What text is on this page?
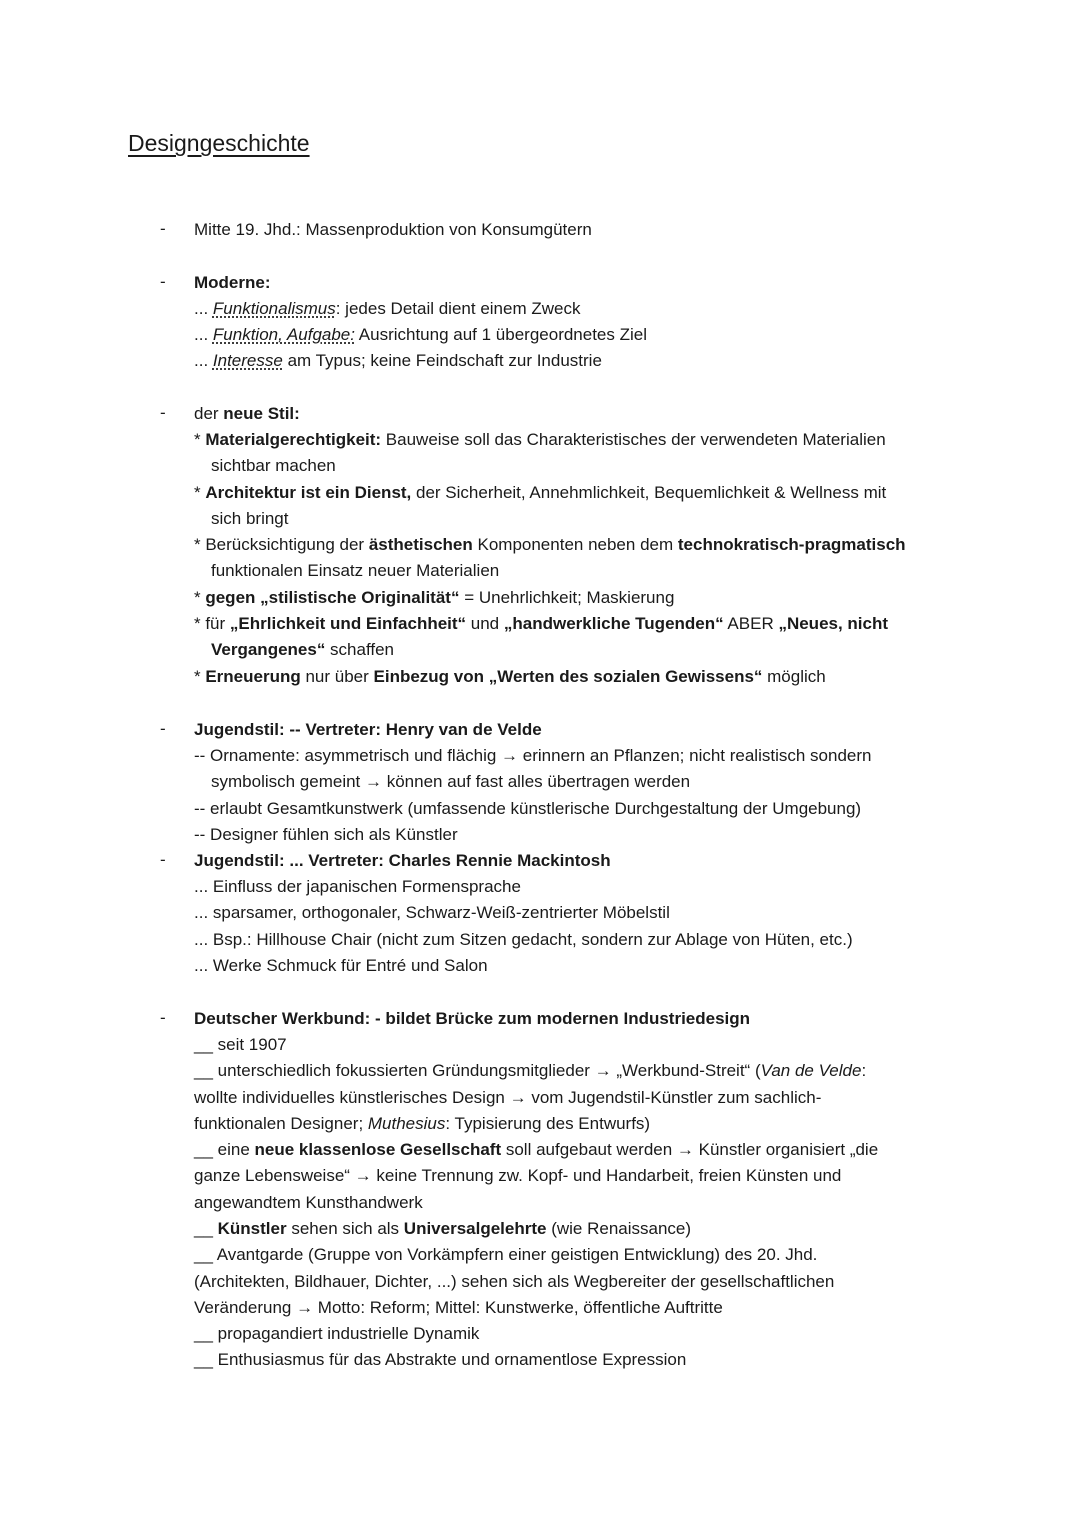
Designgeschichte
- Mitte 19. Jhd.: Massenproduktion von Konsumgütern
- Moderne:
... Funktionalismus: jedes Detail dient einem Zweck
... Funktion, Aufgabe: Ausrichtung auf 1 übergeordnetes Ziel
... Interesse am Typus; keine Feindschaft zur Industrie
- der neue Stil:
* Materialgerechtigkeit: Bauweise soll das Charakteristisches der verwendeten Materialien
sichtbar machen
* Architektur ist ein Dienst, der Sicherheit, Annehmlichkeit, Bequemlichkeit & Wellness mit
sich bringt
* Berücksichtigung der ästhetischen Komponenten neben dem technokratisch-pragmatisch
funktionalen Einsatz neuer Materialien
* gegen „stilistische Originalität“ = Unehrlichkeit; Maskierung
* für „Ehrlichkeit und Einfachheit“ und „handwerkliche Tugenden“ ABER „Neues, nicht
Vergangenes“ schaffen
* Erneuerung nur über Einbezug von „Werten des sozialen Gewissens“ möglich
- Jugendstil: -- Vertreter: Henry van de Velde
-- Ornamente: asymmetrisch und flächig → erinnern an Pflanzen; nicht realistisch sondern
symbolisch gemeint → können auf fast alles übertragen werden
-- erlaubt Gesamtkunstwerk (umfassende künstlerische Durchgestaltung der Umgebung)
-- Designer fühlen sich als Künstler
- Jugendstil: ... Vertreter: Charles Rennie Mackintosh
... Einfluss der japanischen Formensprache
... sparsamer, orthogonaler, Schwarz-Weiß-zentrierter Möbelstil
... Bsp.: Hillhouse Chair (nicht zum Sitzen gedacht, sondern zur Ablage von Hüten, etc.)
... Werke Schmuck für Entré und Salon
- Deutscher Werkbund: - bildet Brücke zum modernen Industriedesign
__ seit 1907
__ unterschiedlich fokussierten Gründungsmitglieder → „Werkbund-Streit“ (Van de Velde:
wollte individuelles künstlerisches Design → vom Jugendstil-Künstler zum sachlich-
funktionalen Designer; Muthesius: Typisierung des Entwurfs)
__ eine neue klassenlose Gesellschaft soll aufgebaut werden → Künstler organisiert „die
ganze Lebensweise“ → keine Trennung zw. Kopf- und Handarbeit, freien Künsten und
angewandtem Kunsthandwerk
__ Künstler sehen sich als Universalgelehrte (wie Renaissance)
__ Avantgarde (Gruppe von Vorkämpfern einer geistigen Entwicklung) des 20. Jhd.
(Architekten, Bildhauer, Dichter, ...) sehen sich als Wegbereiter der gesellschaftlichen
Veränderung → Motto: Reform; Mittel: Kunstwerke, öffentliche Auftritte
__ propagandiert industrielle Dynamik
__ Enthusiasmus für das Abstrakte und ornamentlose Expression
